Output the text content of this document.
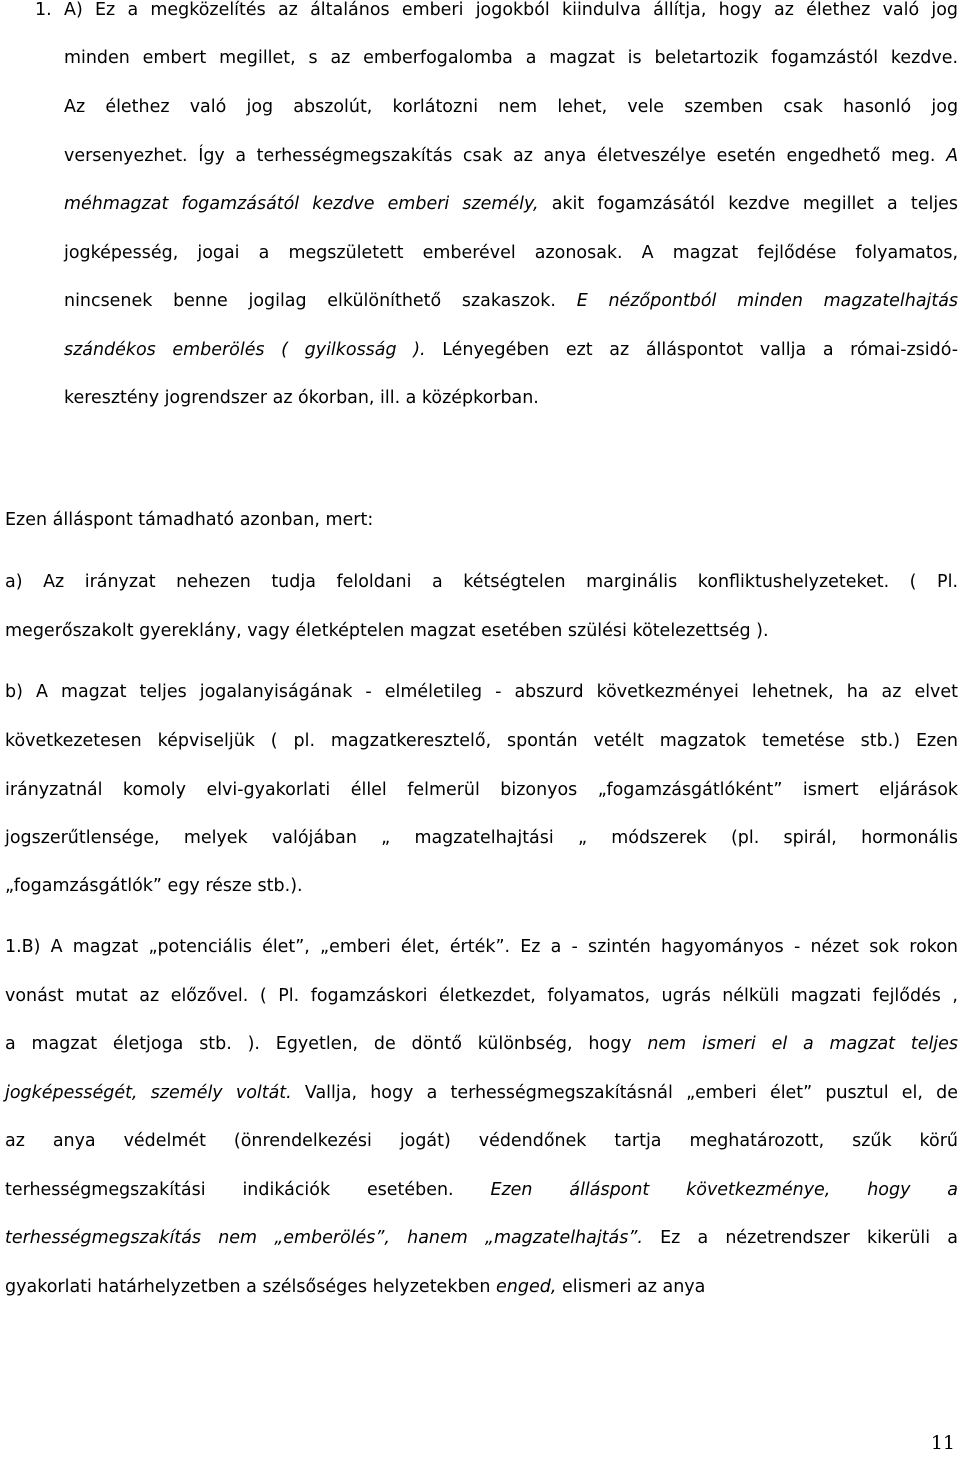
1. A) Ez a megközelítés az általános emberi jogokból kiindulva állítja, hogy az élethez való jog
minden embert megillet, s az emberfogalomba a magzat is beletartozik fogamzástól kezdve.
Az élethez való jog abszolút, korlátozni nem lehet, vele szemben csak hasonló jog
versenyezhet. Így a terhességmegszakítás csak az anya életveszélye esetén engedhető meg. A
méhmagzat fogamzásától kezdve emberi személy, akit fogamzásától kezdve megillet a teljes
jogképesség, jogai a megszületett emberével azonosak. A magzat fejlődése folyamatos,
nincsenek benne jogilag elkülöníthető szakaszok. E nézőpontból minden magzatelhajtás
szándékos emberölés ( gyilkosság ). Lényegében ezt az álláspontot vallja a római-zsidó-
keresztény jogrendszer az ókorban, ill. a középkorban.
Ezen álláspont támadható azonban, mert:
a) Az irányzat nehezen tudja feloldani a kétségtelen marginális konfliktushelyzeteket. ( Pl.
megerőszakolt gyereklány, vagy életképtelen magzat esetében szülési kötelezettség ).
b) A magzat teljes jogalanyiságának - elméletileg - abszurd következményei lehetnek, ha az elvet
következetesen képviseljük ( pl. magzatkeresztelő, spontán vetélt magzatok temetése stb.) Ezen
irányzatnál komoly elvi-gyakorlati éllel felmerül bizonyos „fogamzásgátlóként” ismert eljárások
jogszerűtlensége, melyek valójában „ magzatelhajtási „ módszerek (pl. spirál, hormonális
„fogamzásgátlók” egy része stb.).
1.B) A magzat „potenciális élet”, „emberi élet, érték”. Ez a - szintén hagyományos - nézet sok rokon
vonást mutat az előzővel. ( Pl. fogamzáskori életkezdet, folyamatos, ugrás nélküli magzati fejlődés ,
a magzat életjoga stb. ). Egyetlen, de döntő különbség, hogy nem ismeri el a magzat teljes
jogképességét, személy voltát. Vallja, hogy a terhességmegszakításnál „emberi élet” pusztul el, de
az anya védelmét (önrendelkezési jogát) védendőnek tartja meghatározott, szűk körű
terhességmegszakítási indikációk esetében. Ezen álláspont következménye, hogy a
terhességmegszakítás nem „emberölés”, hanem „magzatelhajtás”. Ez a nézetrendszer kikerüli a
gyakorlati határhelyzetben a szélsőséges helyzetekben enged, elismeri az anya
11
